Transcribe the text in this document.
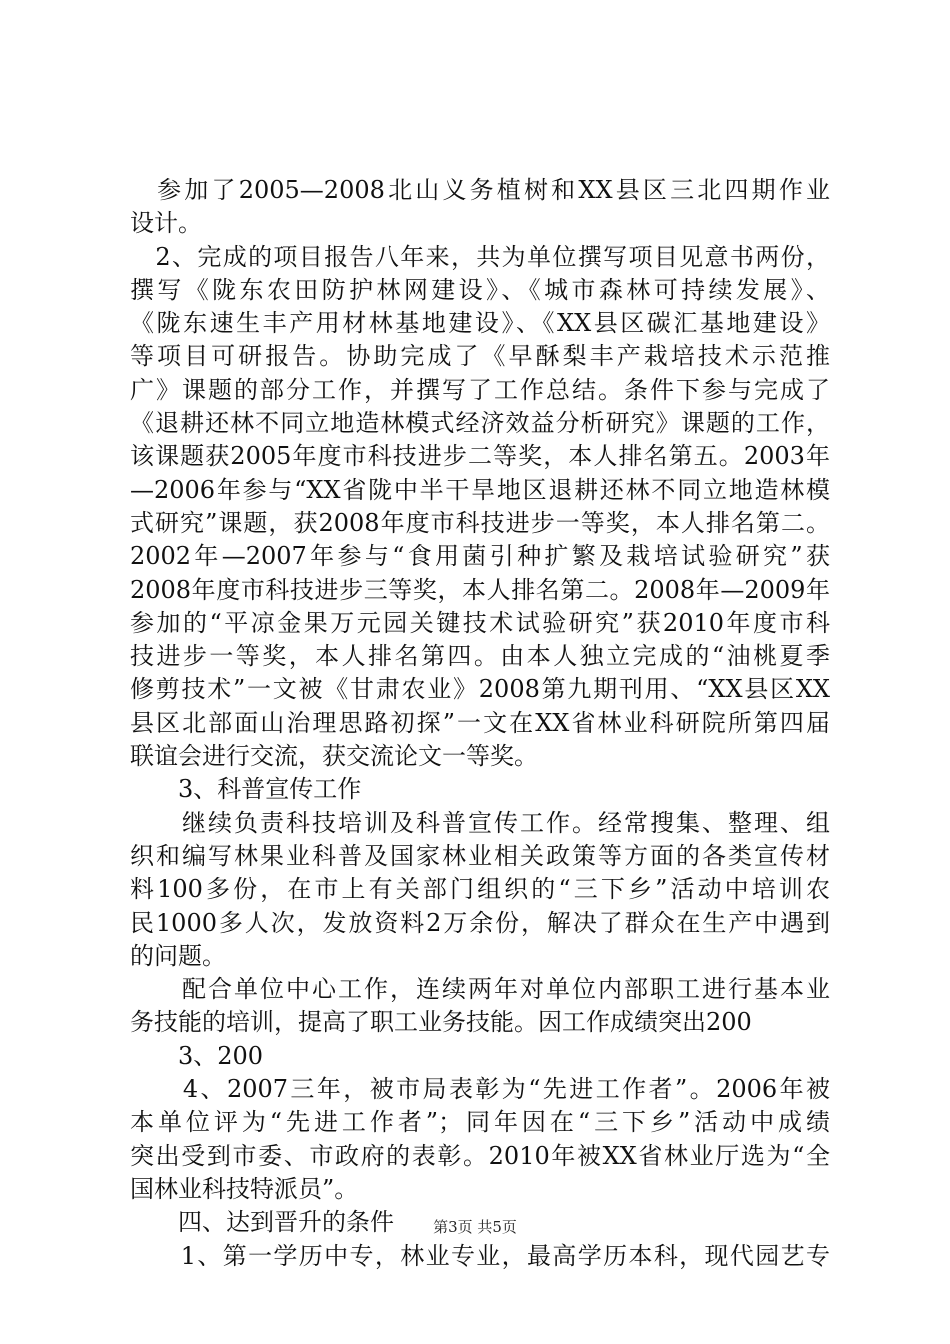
　参加了2005—2008北山义务植树和XX县区三北四期作业
设计。
　2、完成的项目报告八年来，共为单位撰写项目见意书两份，
撰写《陇东农田防护林网建设》、《城市森林可持续发展》、
《陇东速生丰产用材林基地建设》、《XX县区碳汇基地建设》
等项目可研报告。协助完成了《早酥梨丰产栽培技术示范推
广》课题的部分工作，并撰写了工作总结。条件下参与完成了
《退耕还林不同立地造林模式经济效益分析研究》课题的工作，
该课题获2005年度市科技进步二等奖，本人排名第五。2003年
—2006年参与“XX省陇中半干旱地区退耕还林不同立地造林模
式研究”课题，获2008年度市科技进步一等奖，本人排名第二。
2002年—2007年参与“食用菌引种扩繁及栽培试验研究”获
2008年度市科技进步三等奖，本人排名第二。2008年—2009年
参加的“平凉金果万元园关键技术试验研究”获2010年度市科
技进步一等奖，本人排名第四。由本人独立完成的“油桃夏季
修剪技术”一文被《甘肃农业》2008第九期刊用、“XX县区XX
县区北部面山治理思路初探”一文在XX省林业科研院所第四届
联谊会进行交流，获交流论文一等奖。
　　3、科普宣传工作
　　继续负责科技培训及科普宣传工作。经常搜集、整理、组
织和编写林果业科普及国家林业相关政策等方面的各类宣传材
料100多份，在市上有关部门组织的“三下乡”活动中培训农
民1000多人次，发放资料2万余份，解决了群众在生产中遇到
的问题。
　　配合单位中心工作，连续两年对单位内部职工进行基本业
务技能的培训，提高了职工业务技能。因工作成绩突出200
　　3、200
　　4、2007三年，被市局表彰为“先进工作者”。2006年被
本单位评为“先进工作者”；同年因在“三下乡”活动中成绩
突出受到市委、市政府的表彰。2010年被XX省林业厅选为“全
国林业科技特派员”。
　　四、达到晋升的条件
　　1、第一学历中专，林业专业，最高学历本科，现代园艺专
第3页 共5页
